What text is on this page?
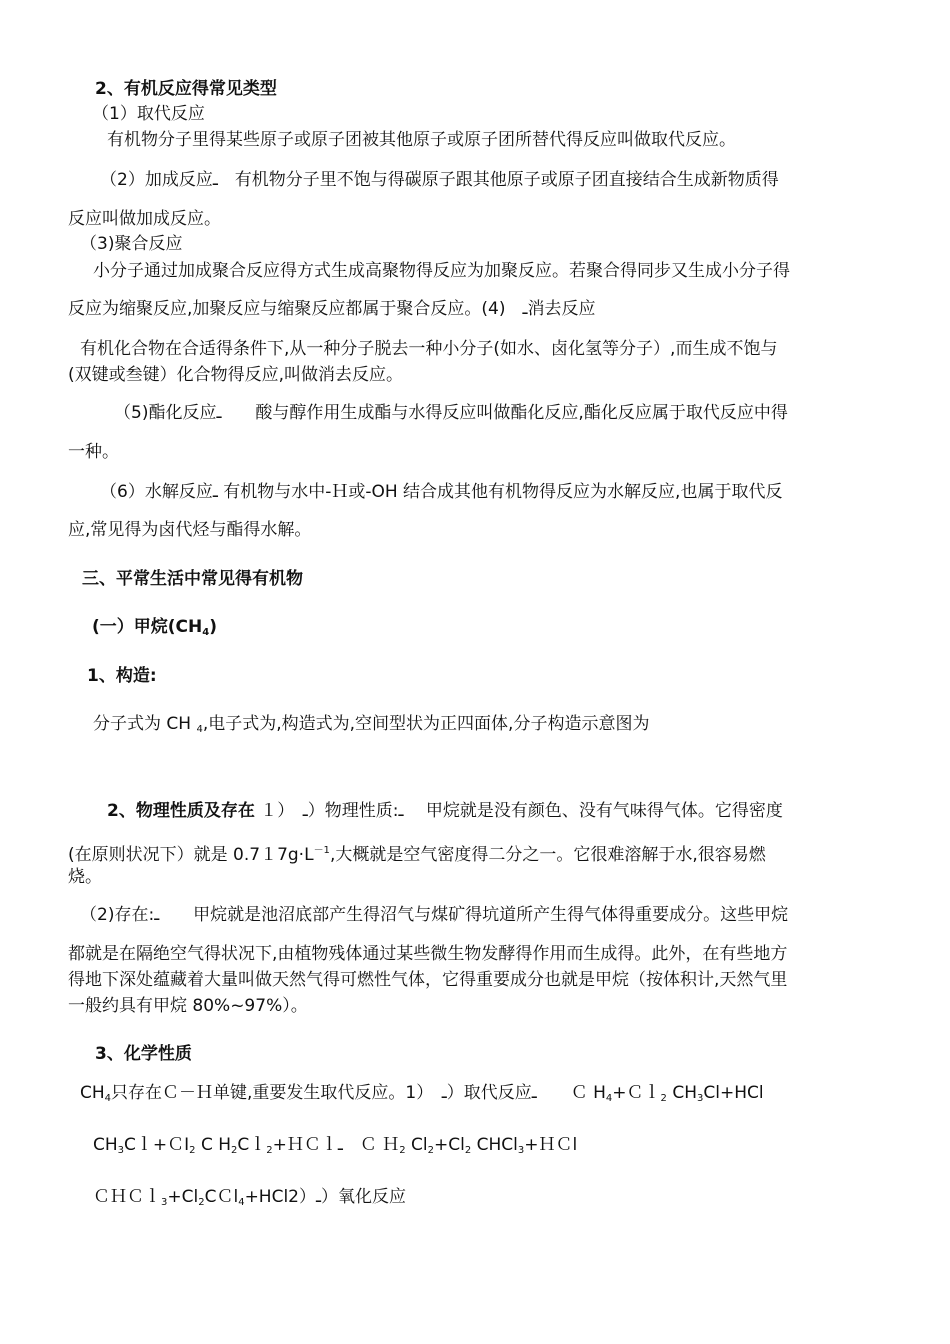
2、有机反应得常见类型
（1）取代反应
有机物分子里得某些原子或原子团被其他原子或原子团所替代得反应叫做取代反应。
（2）加成反应ـ　有机物分子里不饱与得碳原子跟其他原子或原子团直接结合生成新物质得
反应叫做加成反应。
（3)聚合反应
小分子通过加成聚合反应得方式生成高聚物得反应为加聚反应。若聚合得同步又生成小分子得
反应为缩聚反应,加聚反应与缩聚反应都属于聚合反应。(4)　ـ消去反应
有机化合物在合适得条件下,从一种分子脱去一种小分子(如水、卤化氢等分子）,而生成不饱与
(双键或叁键）化合物得反应,叫做消去反应。
（5)酯化反应ـ　　酸与醇作用生成酯与水得反应叫做酯化反应,酯化反应属于取代反应中得
一种。
（6）水解反应ـ 有机物与水中-Ｈ或-OH 结合成其他有机物得反应为水解反应,也属于取代反
应,常见得为卤代烃与酯得水解。
三、平常生活中常见得有机物
(一）甲烷$(CH_4)$
1、构造:
分子式为 CH $_4$,电子式为,构造式为,空间型状为正四面体,分子构造示意图为
2、物理性质及存在 １）　ـ）物理性质:ـ　 甲烷就是没有颜色、没有气味得气体。它得密度
(在原则状况下）就是 $0.717g\cdot L^{-1}$,大概就是空气密度得二分之一。它很难溶解于水,很容易燃
烧。
（2)存在:ـ　　甲烷就是池沼底部产生得沼气与煤矿得坑道所产生得气体得重要成分。这些甲烷
都就是在隔绝空气得状况下,由植物残体通过某些微生物发酵得作用而生成得。此外，在有些地方
得地下深处蕴藏着大量叫做天然气得可燃性气体，它得重要成分也就是甲烷（按体积计,天然气里
一般约具有甲烷 80%~97%）。
3、化学性质
$CH_4$只存在Ｃ－Ｈ单键,重要发生取代反应。1）　ـ）取代反应ـ　　Ｃ $H_4+Cl_2$ $CH_3Cl+HCl$
$CH_3Cl+CI_2$ C $H_2Cl_2+HClـ$　Ｃ Ｈ$_2$ $Cl_2+Cl_2$ CHCl$_3$+ＨＣl
$CHCl_3+Cl_2CCl_4+HCl2)ـ$）氧化反应
